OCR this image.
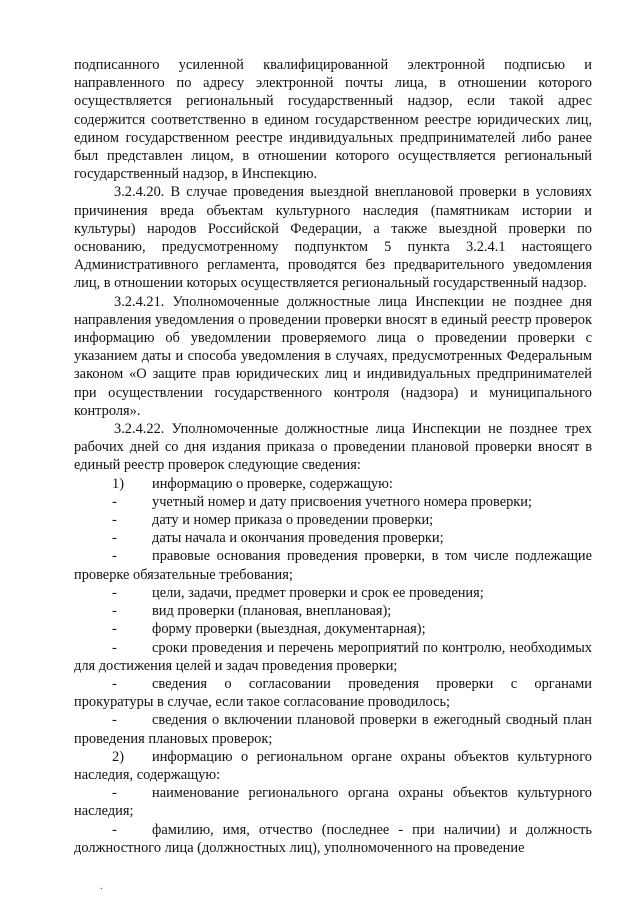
подписанного усиленной квалифицированной электронной подписью и направленного по адресу электронной почты лица, в отношении которого осуществляется региональный государственный надзор, если такой адрес содержится соответственно в едином государственном реестре юридических лиц, едином государственном реестре индивидуальных предпринимателей либо ранее был представлен лицом, в отношении которого осуществляется региональный государственный надзор, в Инспекцию.

3.2.4.20. В случае проведения выездной внеплановой проверки в условиях причинения вреда объектам культурного наследия (памятникам истории и культуры) народов Российской Федерации, а также выездной проверки по основанию, предусмотренному подпунктом 5 пункта 3.2.4.1 настоящего Административного регламента, проводятся без предварительного уведомления лиц, в отношении которых осуществляется региональный государственный надзор.

3.2.4.21. Уполномоченные должностные лица Инспекции не позднее дня направления уведомления о проведении проверки вносят в единый реестр проверок информацию об уведомлении проверяемого лица о проведении проверки с указанием даты и способа уведомления в случаях, предусмотренных Федеральным законом «О защите прав юридических лиц и индивидуальных предпринимателей при осуществлении государственного контроля (надзора) и муниципального контроля».

3.2.4.22. Уполномоченные должностные лица Инспекции не позднее трех рабочих дней со дня издания приказа о проведении плановой проверки вносят в единый реестр проверок следующие сведения:

1)	информацию о проверке, содержащую:
-	учетный номер и дату присвоения учетного номера проверки;
-	дату и номер приказа о проведении проверки;
-	даты начала и окончания проведения проверки;

- правовые основания проведения проверки, в том числе подлежащие проверке обязательные требования;

-	цели, задачи, предмет проверки и срок ее проведения;
-	вид проверки (плановая, внеплановая);
-	форму проверки (выездная, документарная);

- сроки проведения и перечень мероприятий по контролю, необходимых для достижения целей и задач проведения проверки;

- сведения о согласовании проведения проверки с органами прокуратуры в случае, если такое согласование проводилось;

- сведения о включении плановой проверки в ежегодный сводный план проведения плановых проверок;

2) информацию о региональном органе охраны объектов культурного наследия, содержащую:

- наименование регионального органа охраны объектов культурного наследия;

- фамилию, имя, отчество (последнее - при наличии) и должность должностного лица (должностных лиц), уполномоченного на проведение

.
